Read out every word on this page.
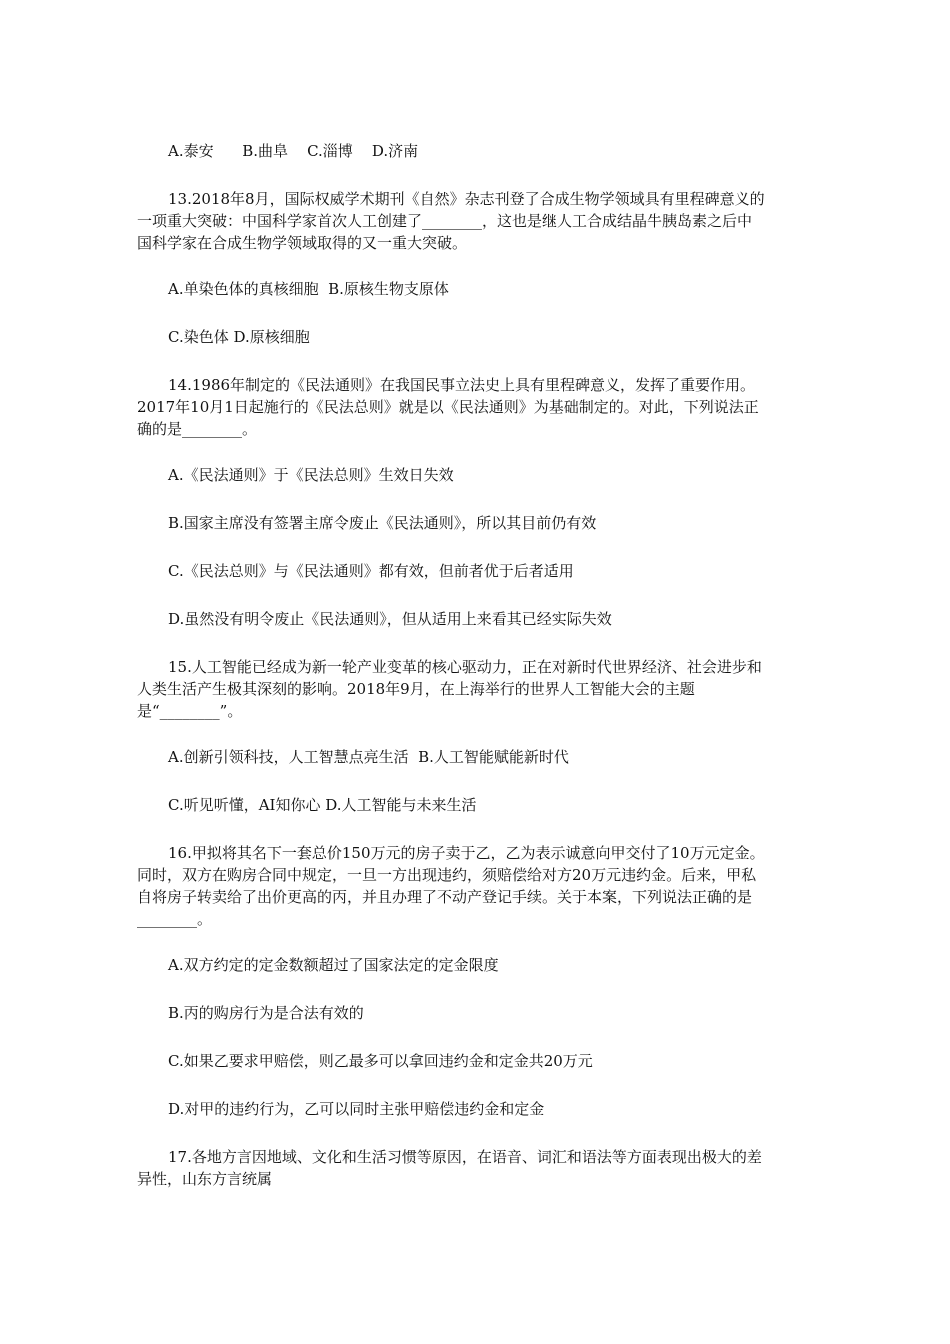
A.泰安      B.曲阜    C.淄博    D.济南
13.2018年8月，国际权威学术期刊《自然》杂志刊登了合成生物学领域具有里程碑意义的
一项重大突破：中国科学家首次人工创建了________，这也是继人工合成结晶牛胰岛素之后中
国科学家在合成生物学领域取得的又一重大突破。
A.单染色体的真核细胞  B.原核生物支原体
C.染色体 D.原核细胞
14.1986年制定的《民法通则》在我国民事立法史上具有里程碑意义，发挥了重要作用。
2017年10月1日起施行的《民法总则》就是以《民法通则》为基础制定的。对此，下列说法正
确的是________。
A.《民法通则》于《民法总则》生效日失效
B.国家主席没有签署主席令废止《民法通则》，所以其目前仍有效
C.《民法总则》与《民法通则》都有效，但前者优于后者适用
D.虽然没有明令废止《民法通则》，但从适用上来看其已经实际失效
15.人工智能已经成为新一轮产业变革的核心驱动力，正在对新时代世界经济、社会进步和
人类生活产生极其深刻的影响。2018年9月，在上海举行的世界人工智能大会的主题
是“________”。
A.创新引领科技，人工智慧点亮生活  B.人工智能赋能新时代
C.听见听懂，AI知你心 D.人工智能与未来生活
16.甲拟将其名下一套总价150万元的房子卖于乙，乙为表示诚意向甲交付了10万元定金。
同时，双方在购房合同中规定，一旦一方出现违约，须赔偿给对方20万元违约金。后来，甲私
自将房子转卖给了出价更高的丙，并且办理了不动产登记手续。关于本案，下列说法正确的是
________。
A.双方约定的定金数额超过了国家法定的定金限度
B.丙的购房行为是合法有效的
C.如果乙要求甲赔偿，则乙最多可以拿回违约金和定金共20万元
D.对甲的违约行为，乙可以同时主张甲赔偿违约金和定金
17.各地方言因地域、文化和生活习惯等原因，在语音、词汇和语法等方面表现出极大的差
异性，山东方言统属
